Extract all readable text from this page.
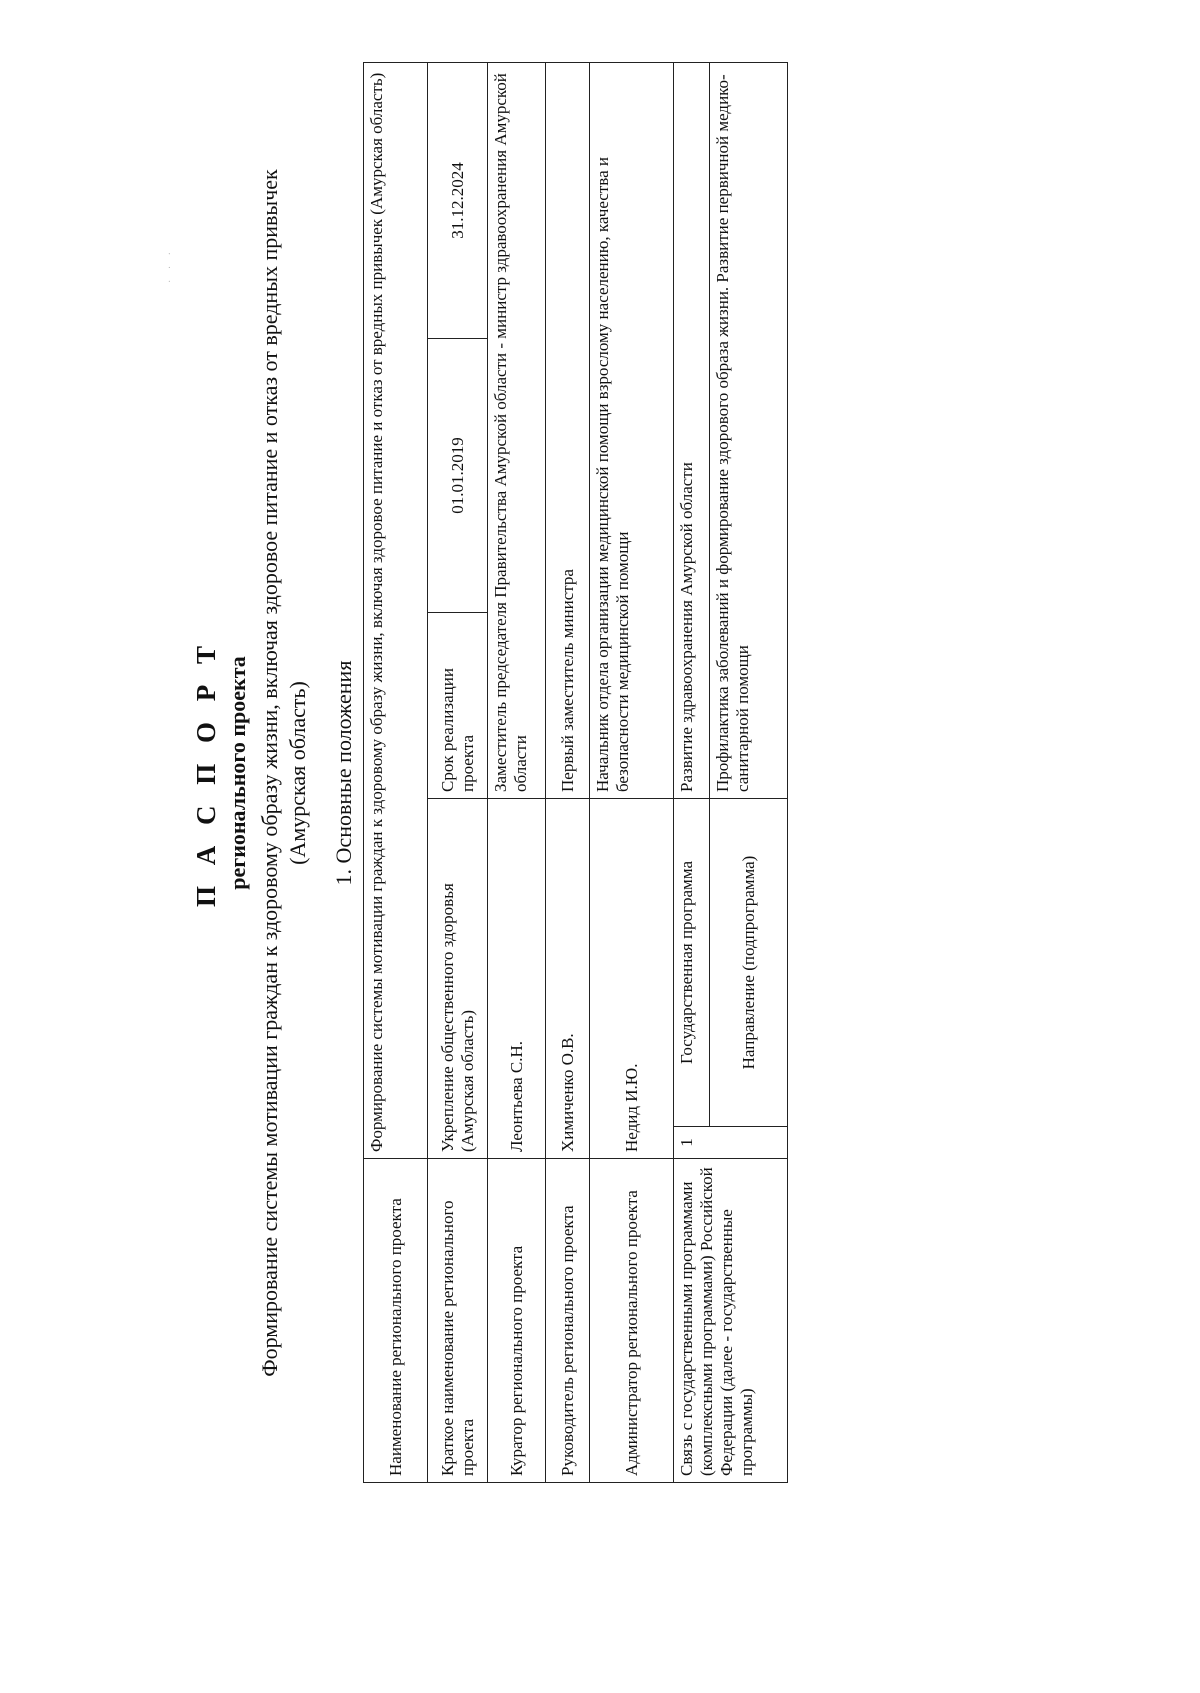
· · ·
П А С П О Р Т регионального проекта Формирование системы мотивации граждан к здоровому образу жизни, включая здоровое питание и отказ от вредных привычек (Амурская область) 1. Основные положения
Наименование регионального проекта	Формирование системы мотивации граждан к здоровому образу жизни, включая здоровое питание и отказ от вредных привычек (Амурская область)				
Краткое наименование регионального проекта	Укрепление общественного здоровья (Амурская область)		Срок реализации проекта	01.01.2019	31.12.2024
Куратор регионального проекта	Леонтьева С.Н.		Заместитель председателя Правительства Амурской области - министр здравоохранения Амурской области		
Руководитель регионального проекта	Химиченко О.В.		Первый заместитель министра		
Администратор регионального проекта	Недид И.Ю.		Начальник отдела организации медицинской помощи взрослому населению, качества и безопасности медицинской помощи		
Связь с государственными программами (комплексными программами) Российской Федерации (далее - государственные программы)	1	Государственная программа	Развитие здравоохранения Амурской области		
		Направление (подпрограмма)	Профилактика заболеваний и формирование здорового образа жизни. Развитие первичной медико-санитарной помощи		
